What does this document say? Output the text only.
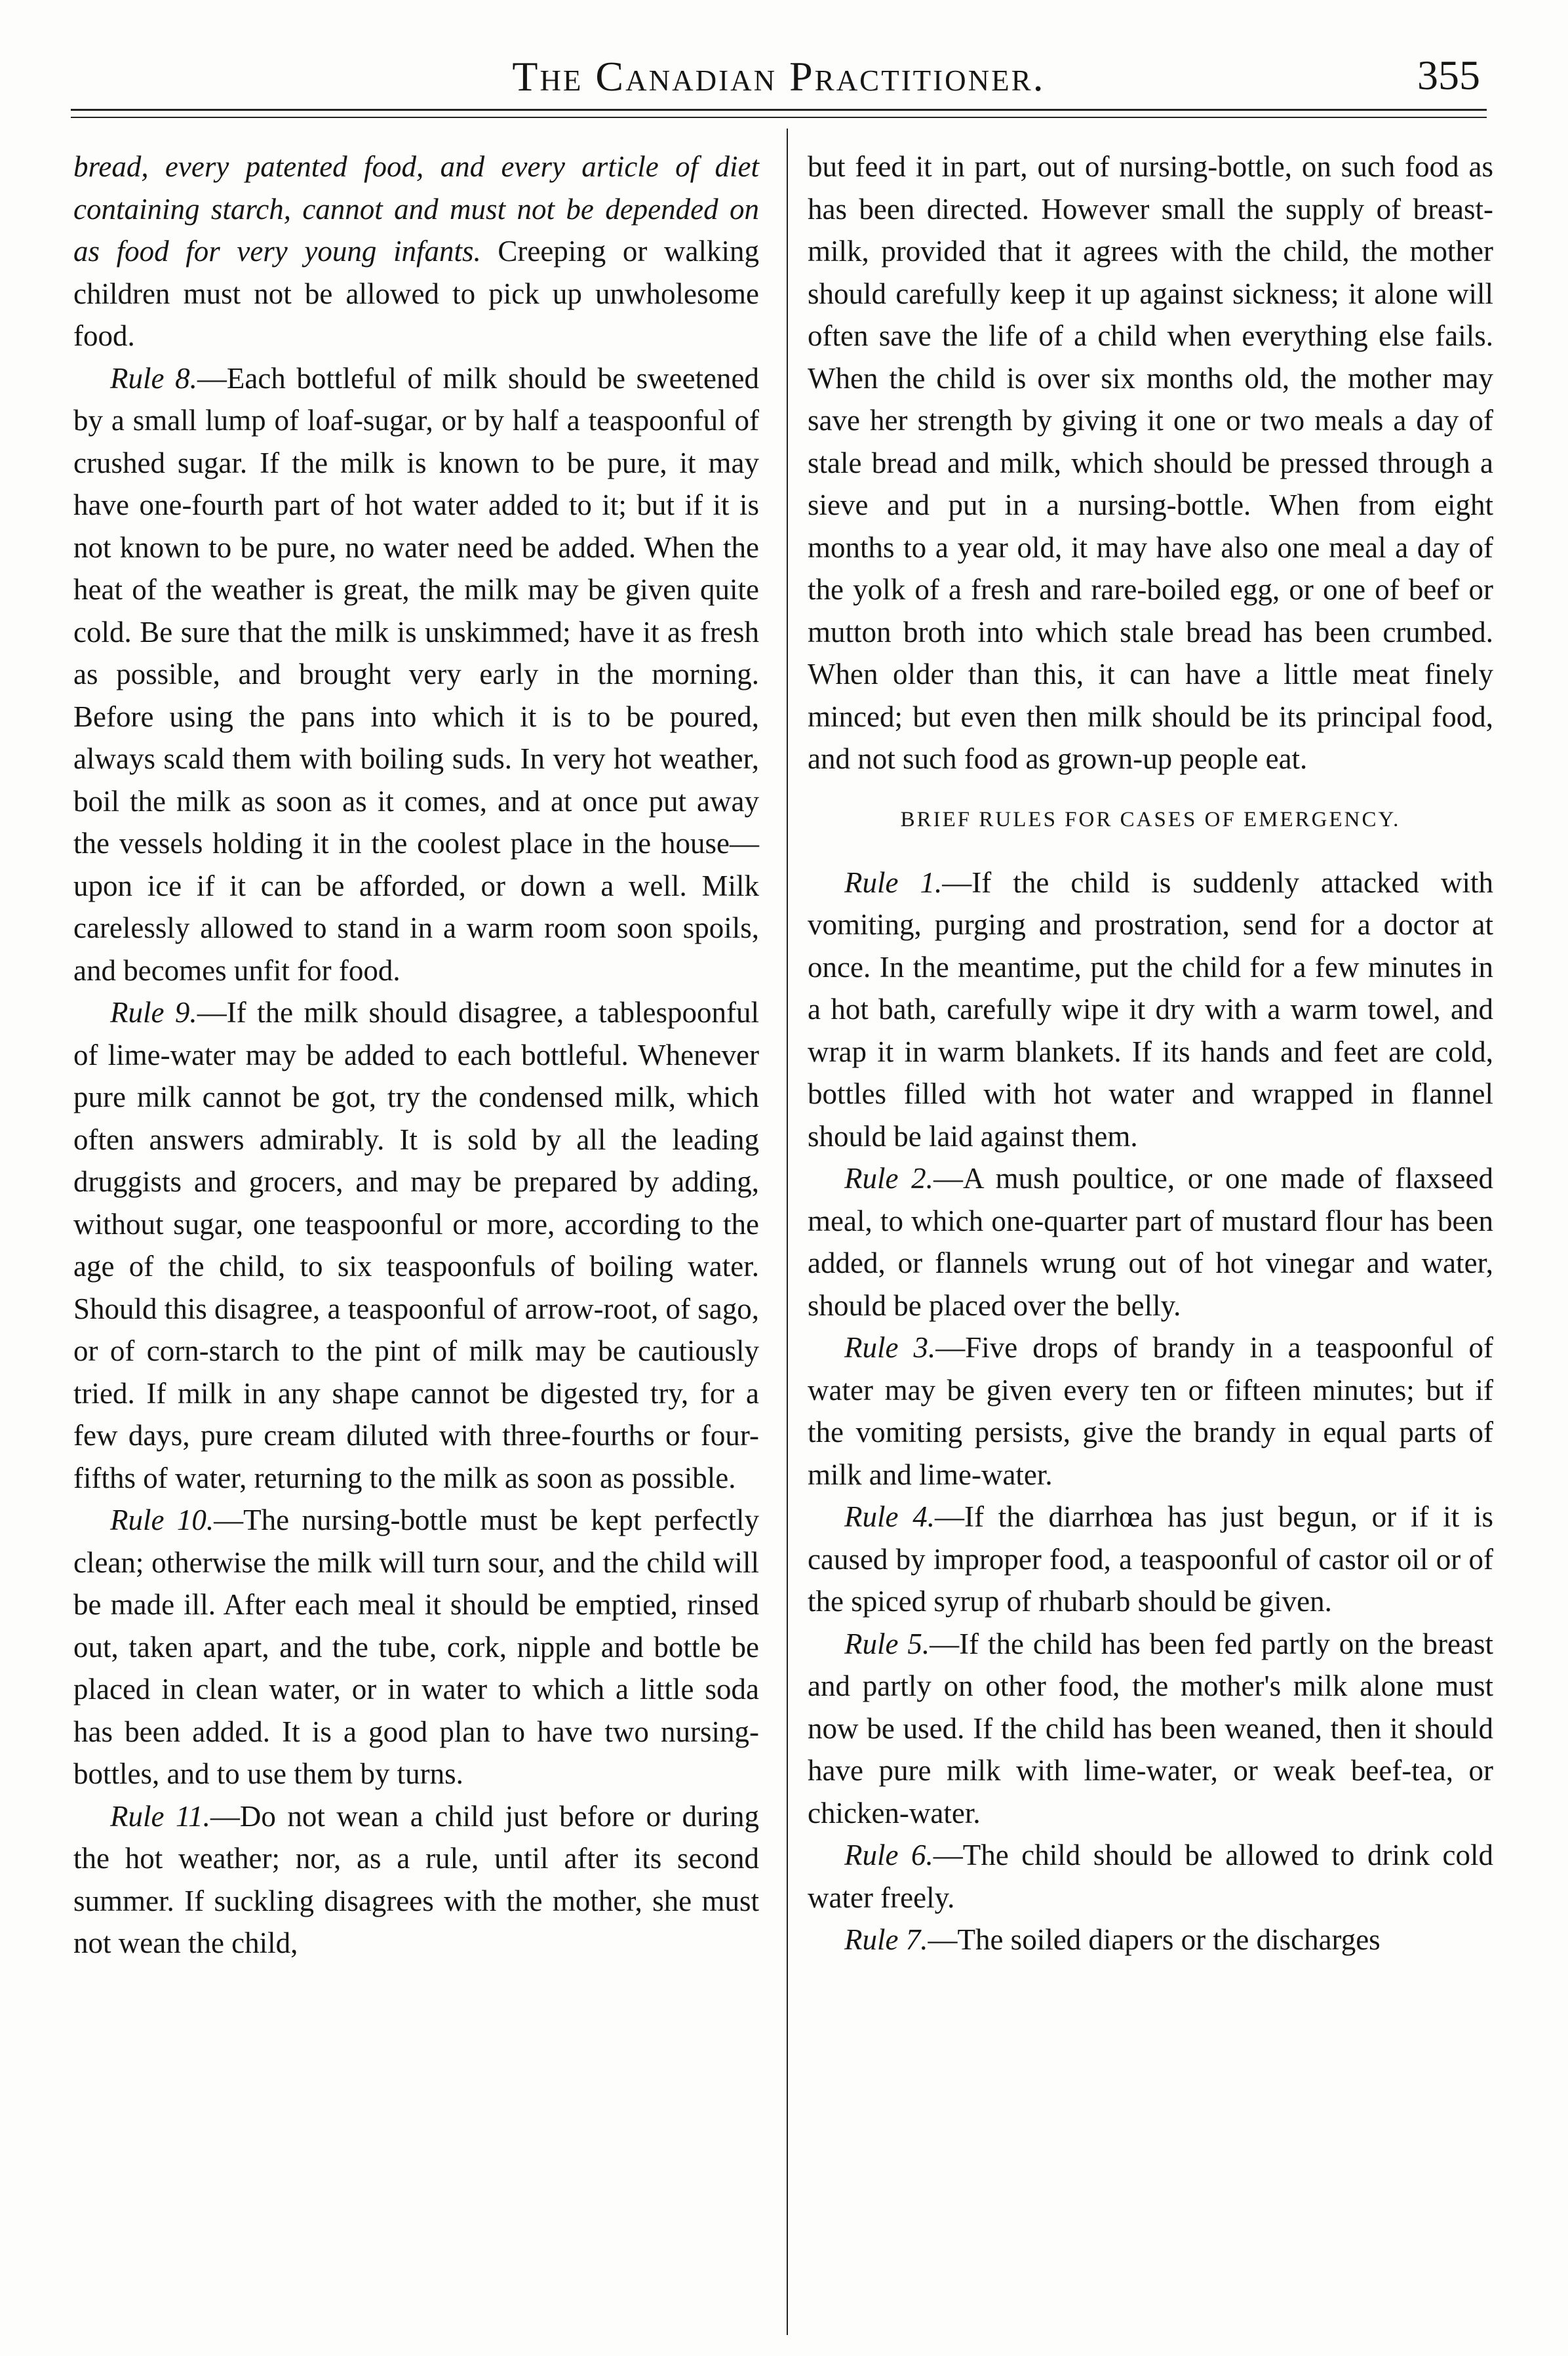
The Canadian Practitioner.	355

bread, every patented food, and every article of diet containing starch, cannot and must not be depended on as food for very young infants. Creeping or walking children must not be allowed to pick up unwholesome food.

Rule 8.—Each bottleful of milk should be sweetened by a small lump of loaf-sugar, or by half a teaspoonful of crushed sugar. If the milk is known to be pure, it may have one-fourth part of hot water added to it; but if it is not known to be pure, no water need be added. When the heat of the weather is great, the milk may be given quite cold. Be sure that the milk is unskimmed; have it as fresh as possible, and brought very early in the morning. Before using the pans into which it is to be poured, always scald them with boiling suds. In very hot weather, boil the milk as soon as it comes, and at once put away the vessels holding it in the coolest place in the house—upon ice if it can be afforded, or down a well. Milk carelessly allowed to stand in a warm room soon spoils, and becomes unfit for food.

Rule 9.—If the milk should disagree, a tablespoonful of lime-water may be added to each bottleful. Whenever pure milk cannot be got, try the condensed milk, which often answers admirably. It is sold by all the leading druggists and grocers, and may be prepared by adding, without sugar, one teaspoonful or more, according to the age of the child, to six teaspoonfuls of boiling water. Should this disagree, a teaspoonful of arrow-root, of sago, or of corn-starch to the pint of milk may be cautiously tried. If milk in any shape cannot be digested try, for a few days, pure cream diluted with three-fourths or four-fifths of water, returning to the milk as soon as possible.

Rule 10.—The nursing-bottle must be kept perfectly clean; otherwise the milk will turn sour, and the child will be made ill. After each meal it should be emptied, rinsed out, taken apart, and the tube, cork, nipple and bottle be placed in clean water, or in water to which a little soda has been added. It is a good plan to have two nursing-bottles, and to use them by turns.

Rule 11.—Do not wean a child just before or during the hot weather; nor, as a rule, until after its second summer. If suckling disagrees with the mother, she must not wean the child,

but feed it in part, out of nursing-bottle, on such food as has been directed. However small the supply of breast-milk, provided that it agrees with the child, the mother should carefully keep it up against sickness; it alone will often save the life of a child when everything else fails. When the child is over six months old, the mother may save her strength by giving it one or two meals a day of stale bread and milk, which should be pressed through a sieve and put in a nursing-bottle. When from eight months to a year old, it may have also one meal a day of the yolk of a fresh and rare-boiled egg, or one of beef or mutton broth into which stale bread has been crumbed. When older than this, it can have a little meat finely minced; but even then milk should be its principal food, and not such food as grown-up people eat.

BRIEF RULES FOR CASES OF EMERGENCY.

Rule 1.—If the child is suddenly attacked with vomiting, purging and prostration, send for a doctor at once. In the meantime, put the child for a few minutes in a hot bath, carefully wipe it dry with a warm towel, and wrap it in warm blankets. If its hands and feet are cold, bottles filled with hot water and wrapped in flannel should be laid against them.

Rule 2.—A mush poultice, or one made of flaxseed meal, to which one-quarter part of mustard flour has been added, or flannels wrung out of hot vinegar and water, should be placed over the belly.

Rule 3.—Five drops of brandy in a teaspoonful of water may be given every ten or fifteen minutes; but if the vomiting persists, give the brandy in equal parts of milk and lime-water.

Rule 4.—If the diarrhœa has just begun, or if it is caused by improper food, a teaspoonful of castor oil or of the spiced syrup of rhubarb should be given.

Rule 5.—If the child has been fed partly on the breast and partly on other food, the mother's milk alone must now be used. If the child has been weaned, then it should have pure milk with lime-water, or weak beef-tea, or chicken-water.

Rule 6.—The child should be allowed to drink cold water freely.

Rule 7.—The soiled diapers or the discharges
